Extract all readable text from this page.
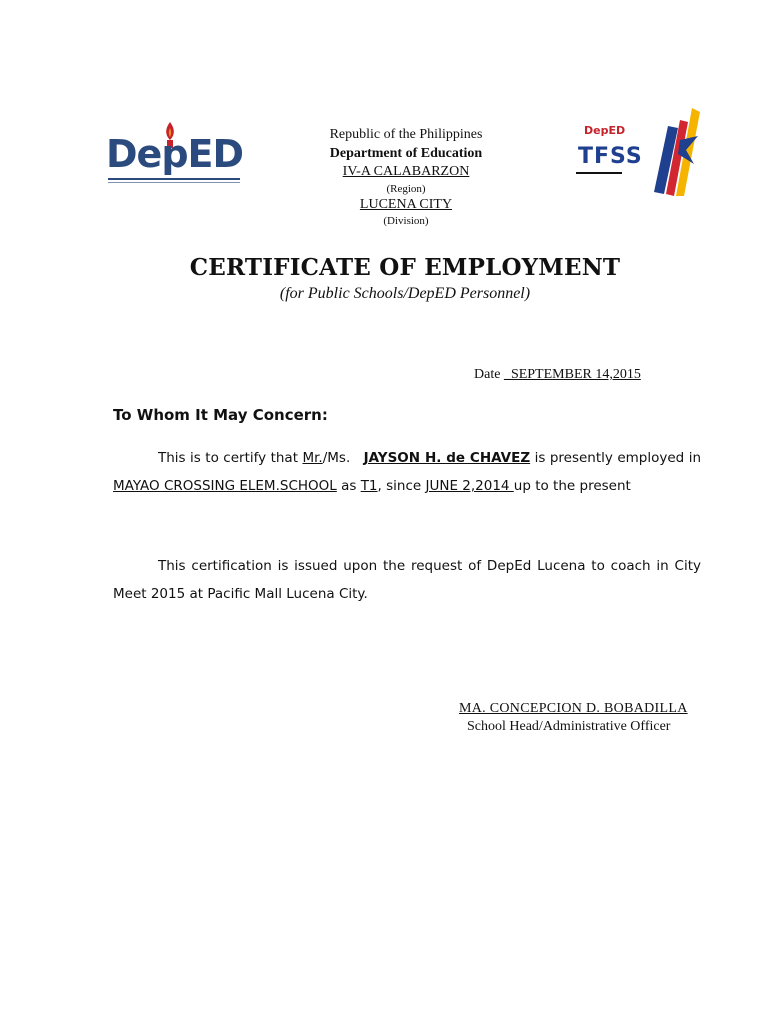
DepED
DepED
TFSS
Republic of the Philippines
Department of Education
IV-A CALABARZON
(Region)
LUCENA CITY
(Division)
CERTIFICATE OF EMPLOYMENT
(for Public Schools/DepED Personnel)
Date _SEPTEMBER 14,2015
To Whom It May Concern:
This is to certify that Mr./Ms. JAYSON H. de CHAVEZ is presently employed in MAYAO CROSSING ELEM.SCHOOL as T1, since JUNE 2,2014 up to the present
This certification is issued upon the request of DepEd Lucena to coach in City Meet 2015 at Pacific Mall Lucena City.
MA. CONCEPCION D. BOBADILLA
School Head/Administrative Officer
